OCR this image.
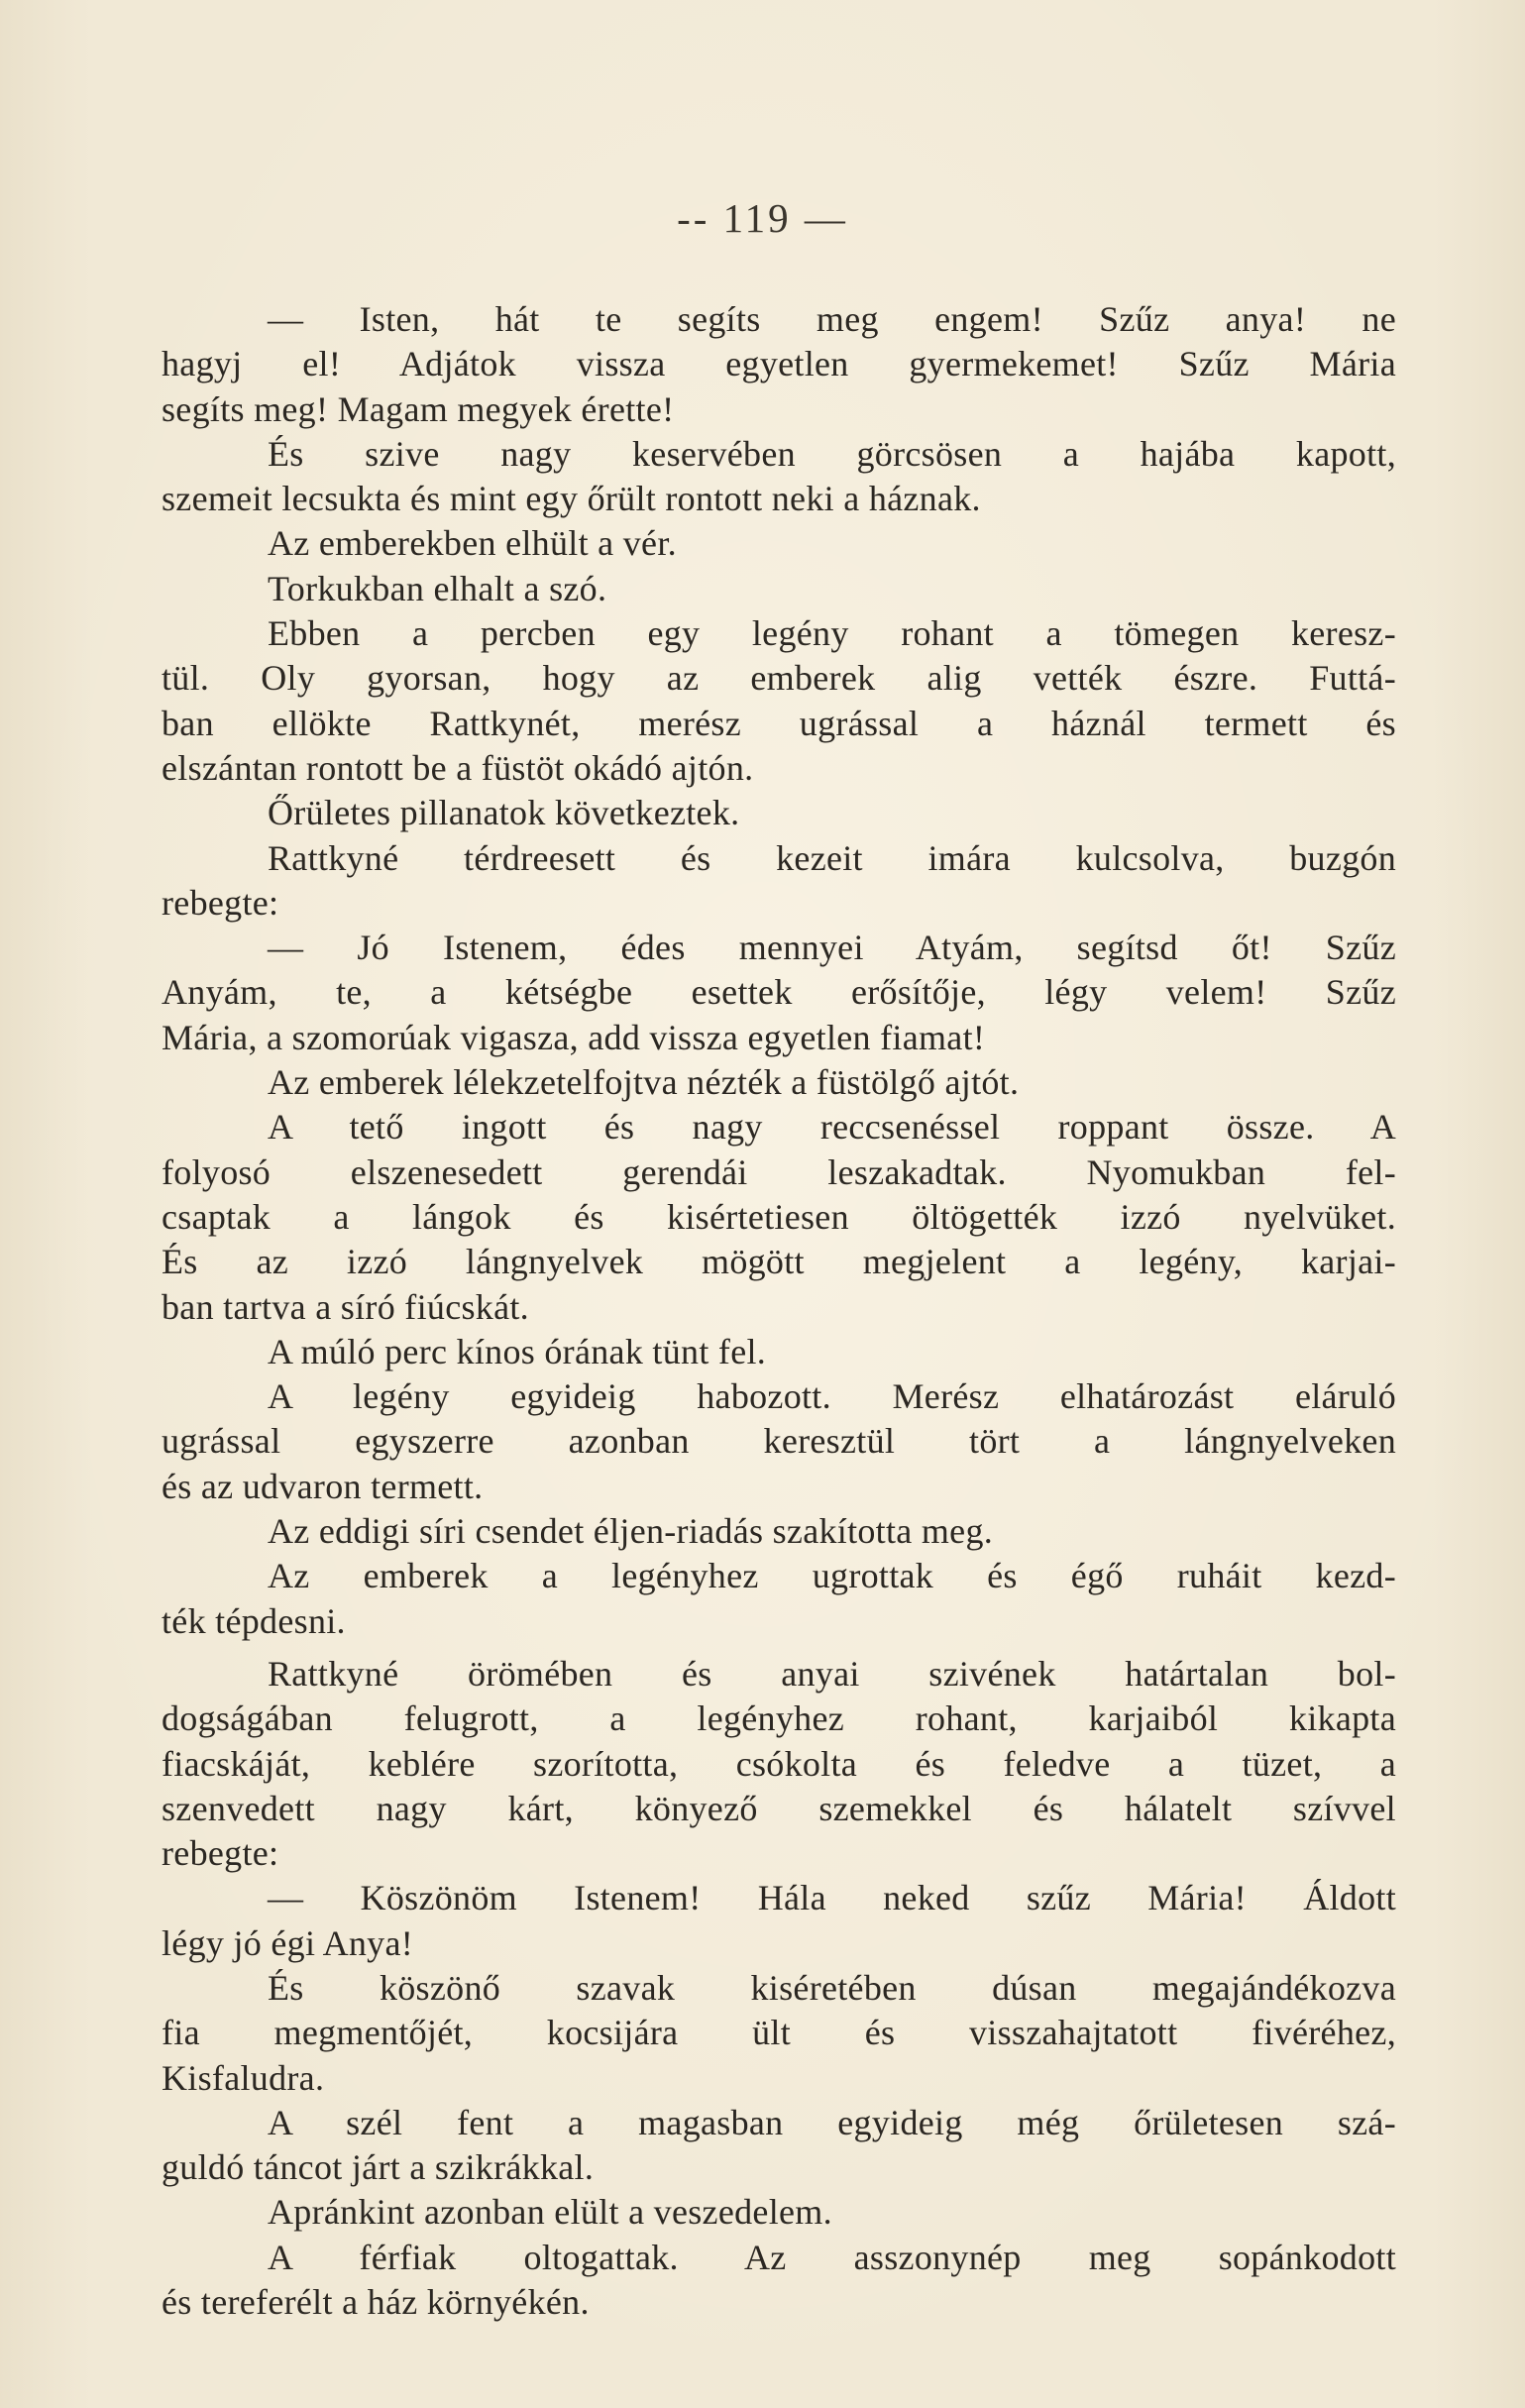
-- 119 —
— Isten, hát te segíts meg engem! Szűz anya! ne
hagyj el! Adjátok vissza egyetlen gyermekemet! Szűz Mária
segíts meg! Magam megyek érette!
És szive nagy keservében görcsösen a hajába kapott,
szemeit lecsukta és mint egy őrült rontott neki a háznak.
Az emberekben elhült a vér.
Torkukban elhalt a szó.
Ebben a percben egy legény rohant a tömegen keresz-
tül. Oly gyorsan, hogy az emberek alig vették észre. Futtá-
ban ellökte Rattkynét, merész ugrással a háznál termett és
elszántan rontott be a füstöt okádó ajtón.
Őrületes pillanatok következtek.
Rattkyné térdreesett és kezeit imára kulcsolva, buzgón
rebegte:
— Jó Istenem, édes mennyei Atyám, segítsd őt! Szűz
Anyám, te, a kétségbe esettek erősítője, légy velem! Szűz
Mária, a szomorúak vigasza, add vissza egyetlen fiamat!
Az emberek lélekzetelfojtva nézték a füstölgő ajtót.
A tető ingott és nagy reccsenéssel roppant össze. A
folyosó elszenesedett gerendái leszakadtak. Nyomukban fel-
csaptak a lángok és kisértetiesen öltögették izzó nyelvüket.
És az izzó lángnyelvek mögött megjelent a legény, karjai-
ban tartva a síró fiúcskát.
A múló perc kínos órának tünt fel.
A legény egyideig habozott. Merész elhatározást eláruló
ugrással egyszerre azonban keresztül tört a lángnyelveken
és az udvaron termett.
Az eddigi síri csendet éljen-riadás szakította meg.
Az emberek a legényhez ugrottak és égő ruháit kezd-
ték tépdesni.
Rattkyné örömében és anyai szivének határtalan bol-
dogságában felugrott, a legényhez rohant, karjaiból kikapta
fiacskáját, keblére szorította, csókolta és feledve a tüzet, a
szenvedett nagy kárt, könyező szemekkel és hálatelt szívvel
rebegte:
— Köszönöm Istenem! Hála neked szűz Mária! Áldott
légy jó égi Anya!
És köszönő szavak kiséretében dúsan megajándékozva
fia megmentőjét, kocsijára ült és visszahajtatott fivéréhez,
Kisfaludra.
A szél fent a magasban egyideig még őrületesen szá-
guldó táncot járt a szikrákkal.
Apránkint azonban elült a veszedelem.
A férfiak oltogattak. Az asszonynép meg sopánkodott
és tereferélt a ház környékén.
